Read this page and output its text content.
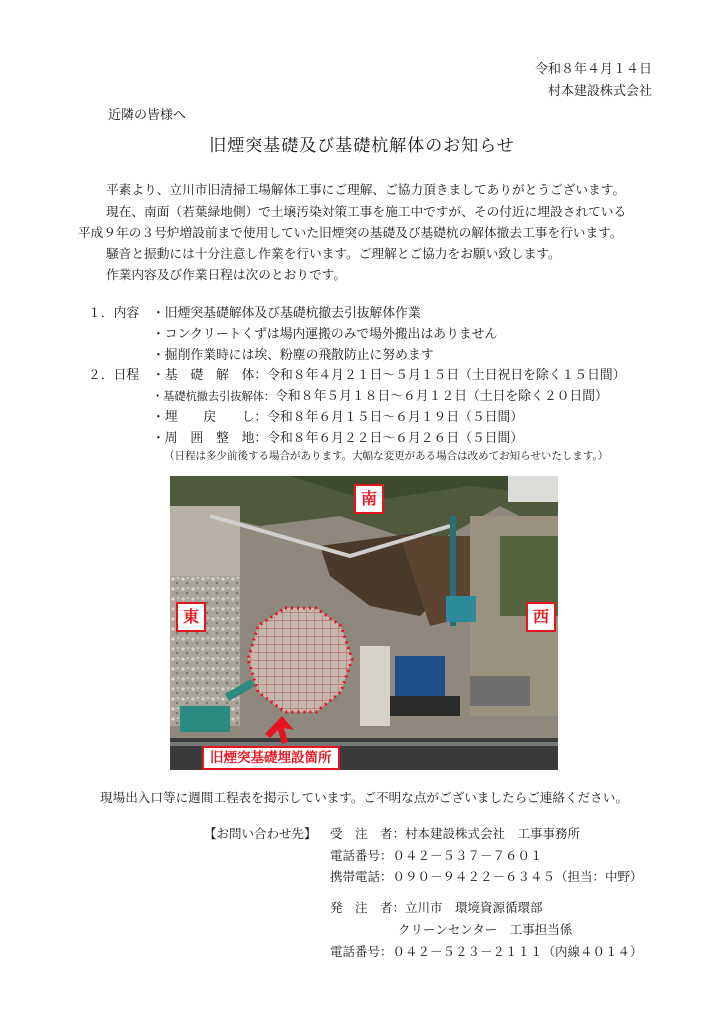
令和８年４月１４日
村本建設株式会社
近隣の皆様へ
旧煙突基礎及び基礎杭解体のお知らせ
平素より、立川市旧清掃工場解体工事にご理解、ご協力頂きましてありがとうございます。
現在、南面（若葉緑地側）で土壌汚染対策工事を施工中ですが、その付近に埋設されている
平成９年の３号炉増設前まで使用していた旧煙突の基礎及び基礎杭の解体撤去工事を行います。
騒音と振動には十分注意し作業を行います。ご理解とご協力をお願い致します。
作業内容及び作業日程は次のとおりです。
１．内容 ・旧煙突基礎解体及び基礎杭撤去引抜解体作業
・コンクリートくずは場内運搬のみで場外搬出はありません
・掘削作業時には埃、粉塵の飛散防止に努めます
２．日程 ・基　礎　解　体：令和８年４月２１日～５月１５日（土日祝日を除く１５日間）
・基礎杭撤去引抜解体：令和８年５月１８日～６月１２日（土日を除く２０日間）
・埋　　戻　　し：令和８年６月１５日～６月１９日（５日間）
・周　囲　整　地：令和８年６月２２日～６月２６日（５日間）
（日程は多少前後する場合があります。大幅な変更がある場合は改めてお知らせいたします。）
南
東	西
旧煙突基礎埋設箇所
現場出入口等に週間工程表を掲示しています。ご不明な点がございましたらご連絡ください。
【お問い合わせ先】 受　注　者：村本建設株式会社　工事事務所
電話番号：０４２－５３７－７６０１
携帯電話：０９０－９４２２－６３４５（担当：中野）
発　注　者：立川市　環境資源循環部
クリーンセンター　工事担当係
電話番号：０４２－５２３－２１１１（内線４０１４）
